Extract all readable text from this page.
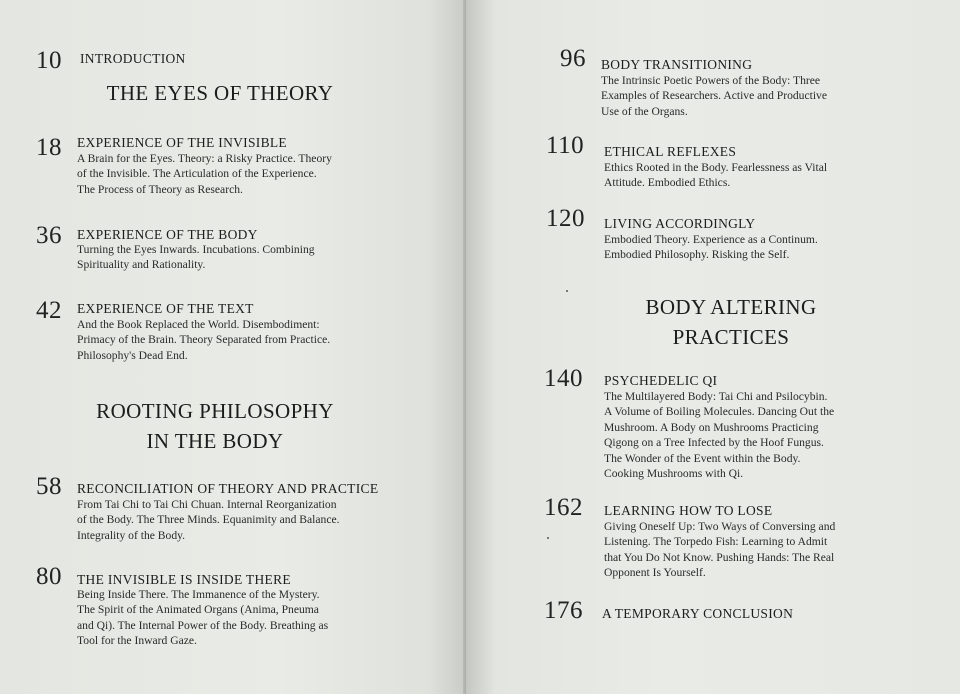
10 INTRODUCTION
THE EYES OF THEORY
18 EXPERIENCE OF THE INVISIBLE
A Brain for the Eyes. Theory: a Risky Practice. Theory
of the Invisible. The Articulation of the Experience.
The Process of Theory as Research.
36 EXPERIENCE OF THE BODY
Turning the Eyes Inwards. Incubations. Combining
Spirituality and Rationality.
42 EXPERIENCE OF THE TEXT
And the Book Replaced the World. Disembodiment:
Primacy of the Brain. Theory Separated from Practice.
Philosophy's Dead End.
ROOTING PHILOSOPHY
IN THE BODY
58 RECONCILIATION OF THEORY AND PRACTICE
From Tai Chi to Tai Chi Chuan. Internal Reorganization
of the Body. The Three Minds. Equanimity and Balance.
Integrality of the Body.
80 THE INVISIBLE IS INSIDE THERE
Being Inside There. The Immanence of the Mystery.
The Spirit of the Animated Organs (Anima, Pneuma
and Qi). The Internal Power of the Body. Breathing as
Tool for the Inward Gaze.
96 BODY TRANSITIONING
The Intrinsic Poetic Powers of the Body: Three
Examples of Researchers. Active and Productive
Use of the Organs.
110 ETHICAL REFLEXES
Ethics Rooted in the Body. Fearlessness as Vital
Attitude. Embodied Ethics.
120 LIVING ACCORDINGLY
Embodied Theory. Experience as a Continum.
Embodied Philosophy. Risking the Self.
BODY ALTERING
PRACTICES
140 PSYCHEDELIC QI
The Multilayered Body: Tai Chi and Psilocybin.
A Volume of Boiling Molecules. Dancing Out the
Mushroom. A Body on Mushrooms Practicing
Qigong on a Tree Infected by the Hoof Fungus.
The Wonder of the Event within the Body.
Cooking Mushrooms with Qi.
162 LEARNING HOW TO LOSE
Giving Oneself Up: Two Ways of Conversing and
Listening. The Torpedo Fish: Learning to Admit
that You Do Not Know. Pushing Hands: The Real
Opponent Is Yourself.
176 A TEMPORARY CONCLUSION
